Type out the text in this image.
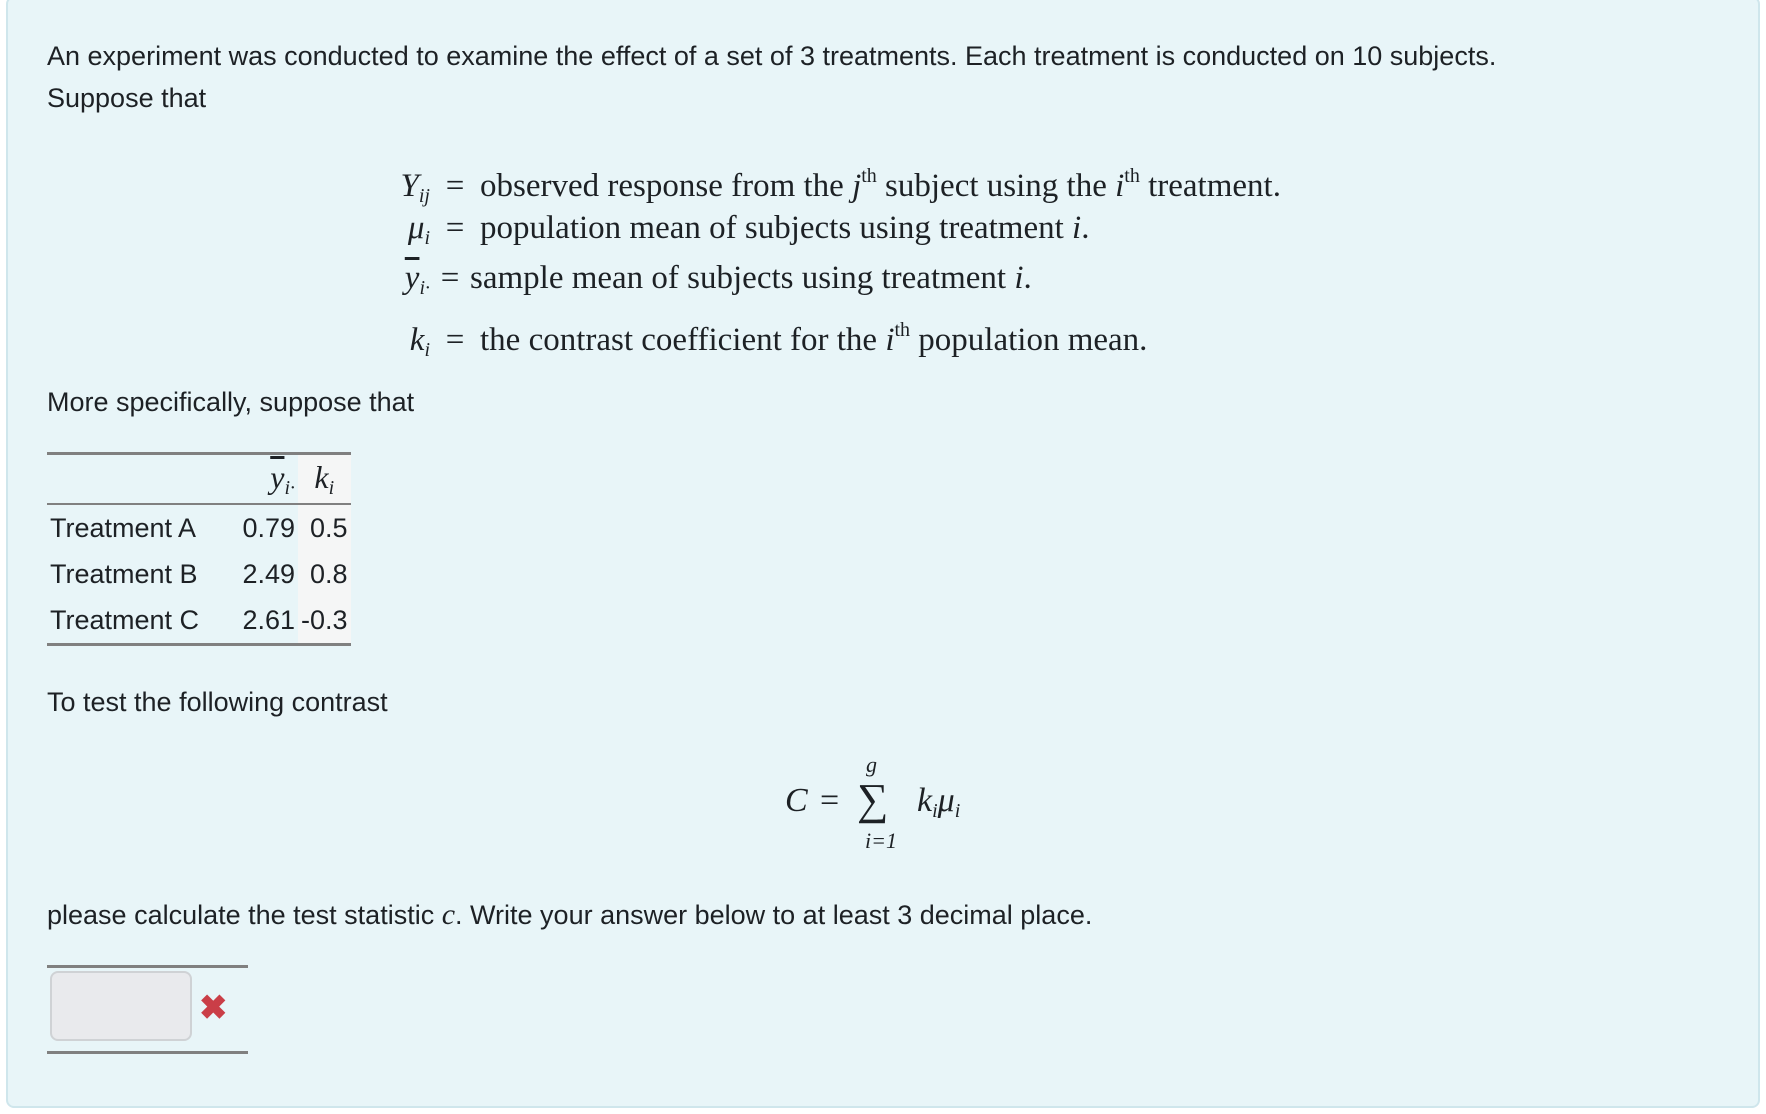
An experiment was conducted to examine the effect of a set of 3 treatments. Each treatment is conducted on 10 subjects.
Suppose that
$Y_{ij}$ = observed response from the $j^{th}$ subject using the $i^{th}$ treatment.
$\mu_i$ = population mean of subjects using treatment i.
$\overline{y}_{i\cdot}$ = sample mean of subjects using treatment i.
$k_i$ = the contrast coefficient for the $i^{th}$ population mean.
More specifically, suppose that
$\overline{y}_{i\cdot}$	$k_i$

Treatment A 0.79	0.5

Treatment B 2.49	0.8

Treatment C 2.61	-0.3
To test the following contrast
C =
g
∑
i=1
$k_i\mu_i$
please calculate the test statistic c. Write your answer below to at least 3 decimal place.
✖
